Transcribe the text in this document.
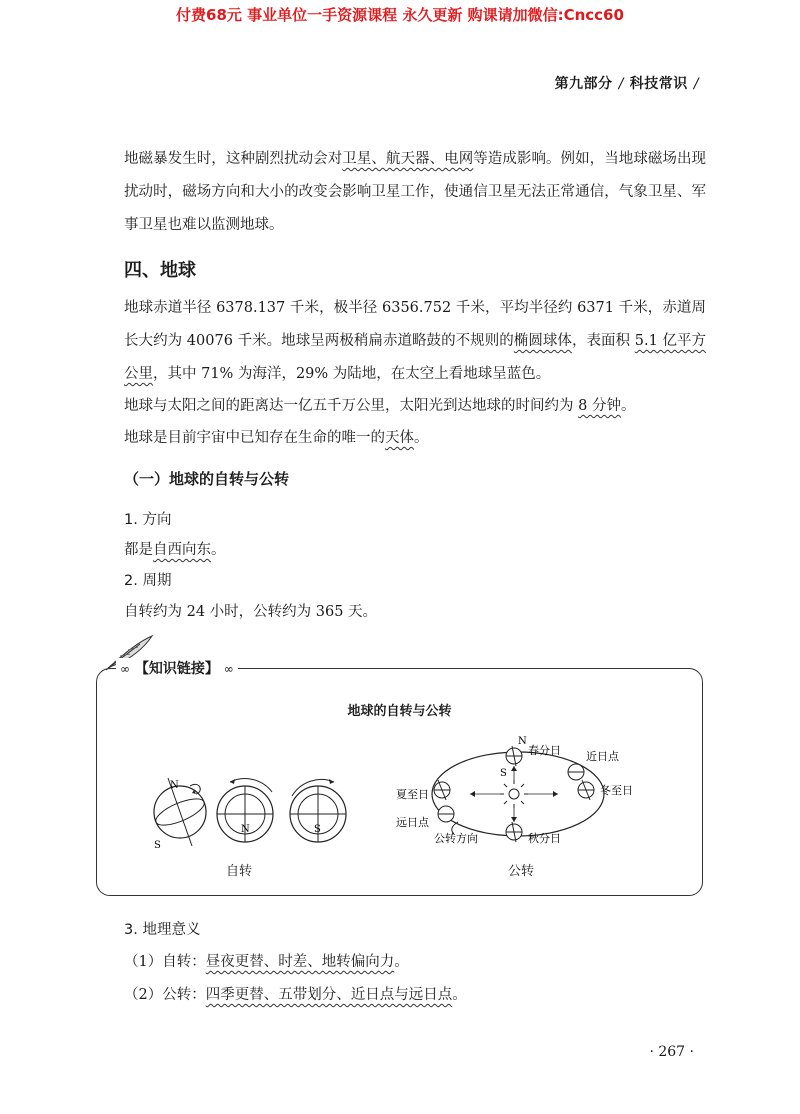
付费68元 事业单位一手资源课程 永久更新 购课请加微信:Cncc60
第九部分 / 科技常识 /

地磁暴发生时，这种剧烈扰动会对卫星、航天器、电网等造成影响。例如，当地球磁场出现扰动时，磁场方向和大小的改变会影响卫星工作，使通信卫星无法正常通信，气象卫星、军事卫星也难以监测地球。

四、地球

地球赤道半径 6378.137 千米，极半径 6356.752 千米，平均半径约 6371 千米，赤道周长大约为 40076 千米。地球呈两极稍扁赤道略鼓的不规则的椭圆球体，表面积 5.1 亿平方公里，其中 71% 为海洋，29% 为陆地，在太空上看地球呈蓝色。

地球与太阳之间的距离达一亿五千万公里，太阳光到达地球的时间约为 8 分钟。

地球是目前宇宙中已知存在生命的唯一的天体。

（一）地球的自转与公转
1. 方向
都是自西向东。
2. 周期
自转约为 24 小时，公转约为 365 天。
∞ 【知识链接】 ∞
地球的自转与公转
N
S
N	S
自转
N
S
春分日
夏至日
远日点
近日点
冬至日
秋分日
公转方向
公转
3. 地理意义
（1）自转：昼夜更替、时差、地转偏向力。
（2）公转：四季更替、五带划分、近日点与远日点。
· 267 ·
